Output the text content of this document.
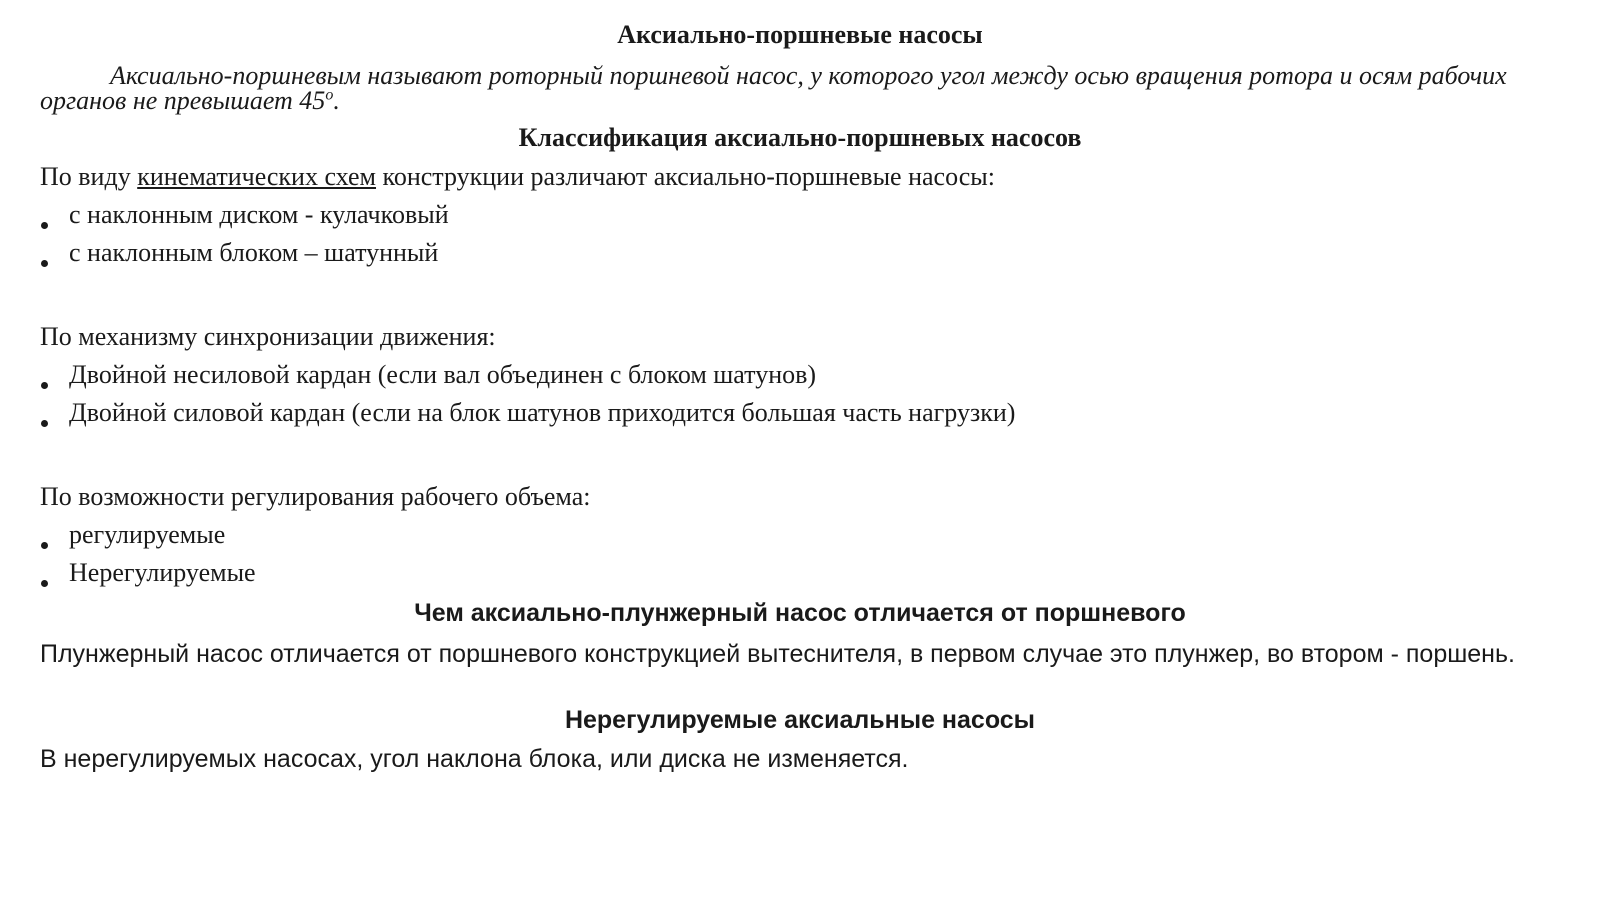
Аксиально-поршневые насосы

Аксиально-поршневым называют роторный поршневой насос, у которого угол между осью вращения ротора и осям рабочих органов не превышает $45^о$.

Классификация аксиально-поршневых насосов

По виду кинематических схем конструкции различают аксиально-поршневые насосы:

с наклонным диском - кулачковый
с наклонным блоком – шатунный

По механизму синхронизации движения:

Двойной несиловой кардан (если вал объединен с блоком шатунов)
Двойной силовой кардан (если на блок шатунов приходится большая часть нагрузки)

По возможности регулирования рабочего объема:

регулируемые
Нерегулируемые
Чем аксиально-плунжерный насос отличается от поршневого

Плунжерный насос отличается от поршневого конструкцией вытеснителя, в первом случае это плунжер, во втором - поршень.

Нерегулируемые аксиальные насосы

В нерегулируемых насосах, угол наклона блока, или диска не изменяется.
